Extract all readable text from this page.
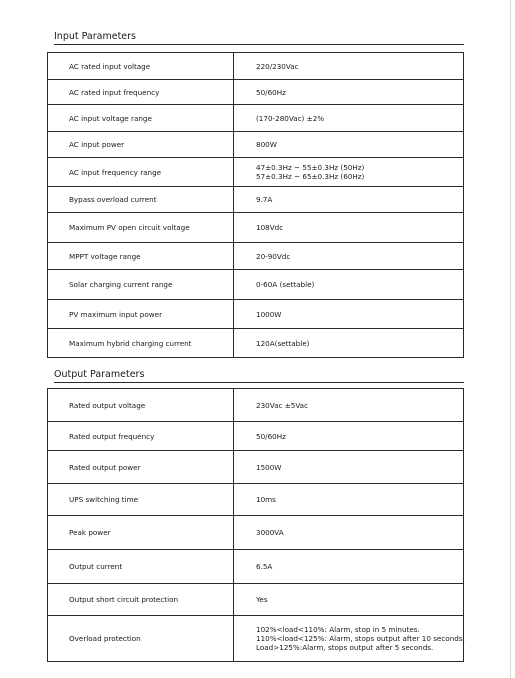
Input Parameters
AC rated input voltage	220/230Vac

AC rated input frequency	50/60Hz

AC input voltage range	(170-280Vac) ±2%

AC input power	800W

AC input frequency range	47±0.3Hz ~ 55±0.3Hz (50Hz)
57±0.3Hz ~ 65±0.3Hz (60Hz)

Bypass overload current	9.7A

Maximum PV open circuit voltage	108Vdc

MPPT voltage range	20-90Vdc

Solar charging current range	0-60A (settable)

PV maximum input power	1000W

Maximum hybrid charging current	120A(settable)
Output Parameters
Rated output voltage	230Vac ±5Vac

Rated output frequency	50/60Hz

Rated output power	1500W

UPS switching time	10ms

Peak power	3000VA

Output current	6.5A

Output short circuit protection	Yes

Overload protection	102%<load<110%: Alarm, stop in 5 minutes.
110%<load<125%: Alarm, stops output after 10 seconds.
Load>125%:Alarm, stops output after 5 seconds.
